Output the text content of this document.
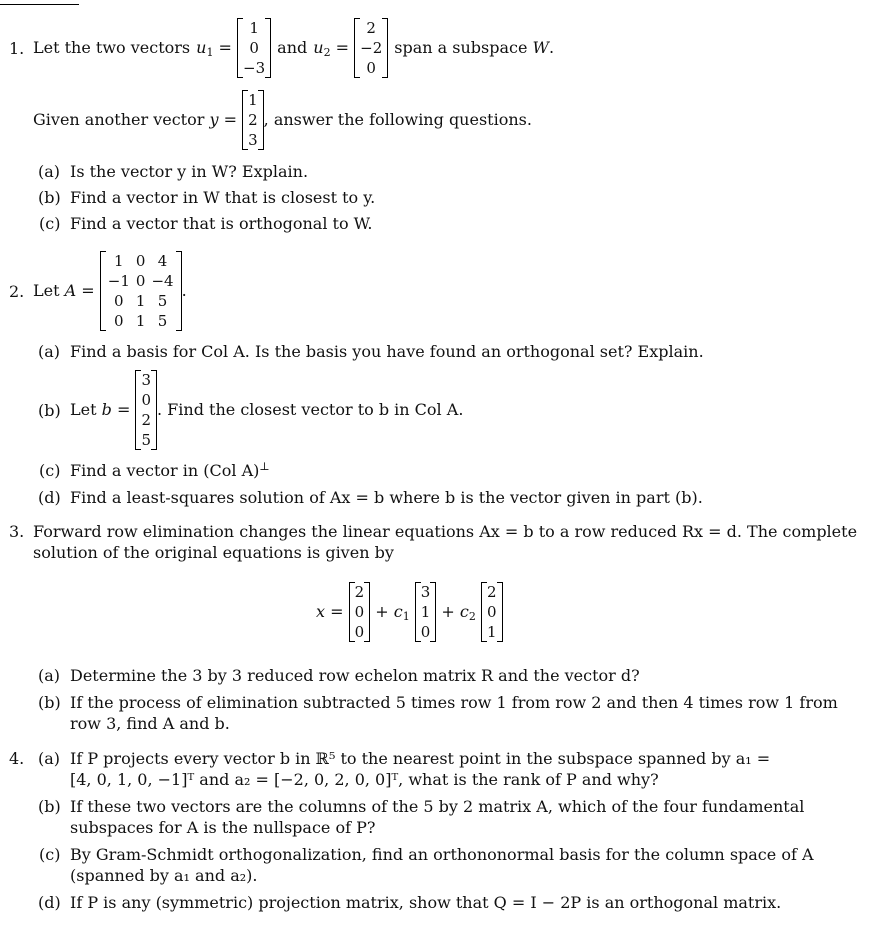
1. Let the two vectors $u_1$ =
1
0
−3
and $u_2$ =
2
−2
0
span a subspace
W .
Given another vector
y =
1
2
3
, answer the following questions.
(a) Is the vector y in W? Explain.
(b) Find a vector in W that is closest to y.
(c) Find a vector that is orthogonal to W.
2. Let
A =
1	0	4
−1	0	−4
0	1	5
0	1	5
.
(a) Find a basis for Col A. Is the basis you have found an orthogonal set? Explain.
(b) Let
b =
3
0
2
5
. Find the closest vector to b in Col A.
(c) Find a vector in (Col A)⊥
(d) Find a least-squares solution of Ax = b where b is the vector given in part (b).
3. Forward row elimination changes the linear equations Ax = b to a row reduced Rx = d. The complete
solution of the original equations is given by
x =
2
0
0
+ $c_1$

3
1
0
+ $c_2$

2
0
1
(a) Determine the 3 by 3 reduced row echelon matrix R and the vector d?
(b) If the process of elimination subtracted 5 times row 1 from row 2 and then 4 times row 1 from
row 3, find A and b.
4. (a) If P projects every vector b in ℝ⁵ to the nearest point in the subspace spanned by a₁ =
[4, 0, 1, 0, −1]ᵀ and a₂ = [−2, 0, 2, 0, 0]ᵀ, what is the rank of P and why?
(b) If these two vectors are the columns of the 5 by 2 matrix A, which of the four fundamental
subspaces for A is the nullspace of P?
(c) By Gram-Schmidt orthogonalization, find an orthononormal basis for the column space of A
(spanned by a₁ and a₂).
(d) If P is any (symmetric) projection matrix, show that Q = I − 2P is an orthogonal matrix.
